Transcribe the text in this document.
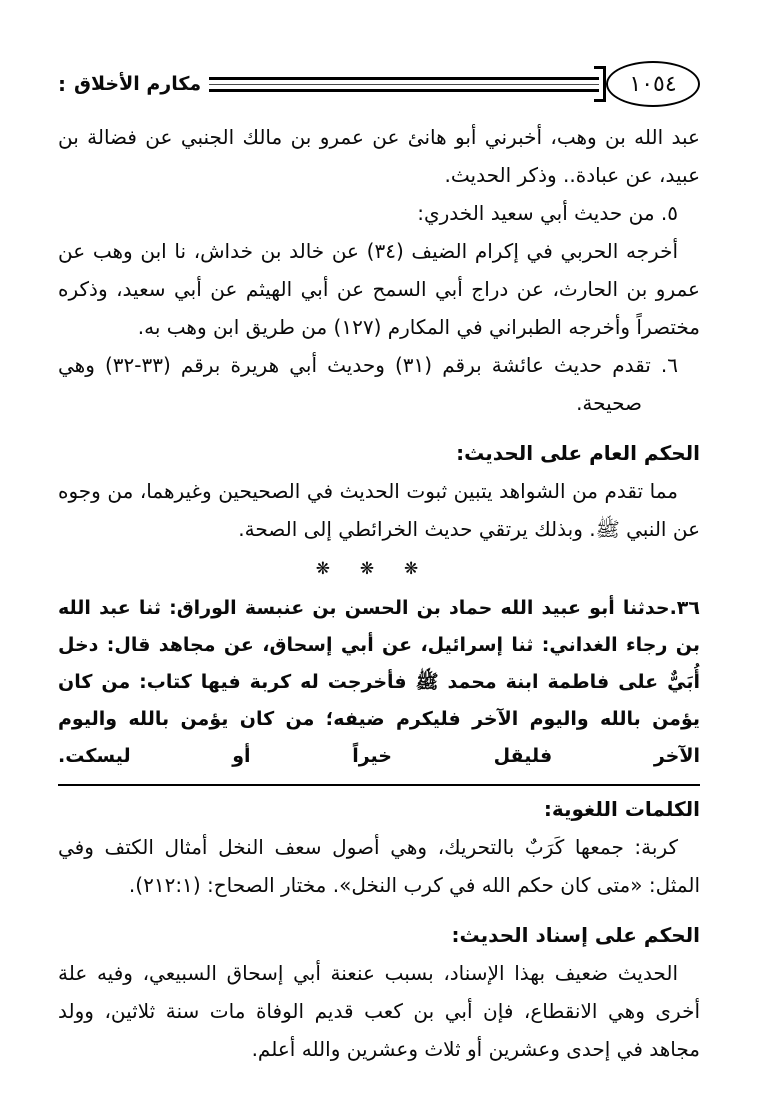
١٠٥٤
مكارم الأخلاق
:

عبد الله بن وهب، أخبرني أبو هانئ عن عمرو بن مالك الجنبي عن فضالة بن عبيد، عن عبادة.. وذكر الحديث.

٥. من حديث أبي سعيد الخدري:

أخرجه الحربي في إكرام الضيف (٣٤) عن خالد بن خداش، نا ابن وهب عن عمرو بن الحارث، عن دراج أبي السمح عن أبي الهيثم عن أبي سعيد، وذكره مختصراً وأخرجه الطبراني في المكارم (١٢٧) من طريق ابن وهب به.

٦. تقدم حديث عائشة برقم (٣١) وحديث أبي هريرة برقم (٣٢‎-‎٣٣) وهي صحيحة.

الحكم العام على الحديث:

مما تقدم من الشواهد يتبين ثبوت الحديث في الصحيحين وغيرهما، من وجوه عن النبي ﷺ. وبذلك يرتقي حديث الخرائطي إلى الصحة.

❋ ❋ ❋

٣٦.حدثنا أبو عبيد الله حماد بن الحسن بن عنبسة الوراق: ثنا عبد الله بن رجاء الغداني: ثنا إسرائيل، عن أبي إسحاق، عن مجاهد قال: دخل أُبَيٌّ على فاطمة ابنة محمد ﷺ فأخرجت له كربة فيها كتاب: من كان يؤمن بالله واليوم الآخر فليكرم ضيفه؛ من كان يؤمن بالله واليوم الآخر فليقل خيراً أو ليسكت.

الكلمات اللغوية:

كربة: جمعها كَرَبٌ بالتحريك، وهي أصول سعف النخل أمثال الكتف وفي المثل: «متى كان حكم الله في كرب النخل». مختار الصحاح: (٢١٢:١).

الحكم على إسناد الحديث:

الحديث ضعيف بهذا الإسناد، بسبب عنعنة أبي إسحاق السبيعي، وفيه علة أخرى وهي الانقطاع، فإن أبي بن كعب قديم الوفاة مات سنة ثلاثين، وولد مجاهد في إحدى وعشرين أو ثلاث وعشرين والله أعلم.
